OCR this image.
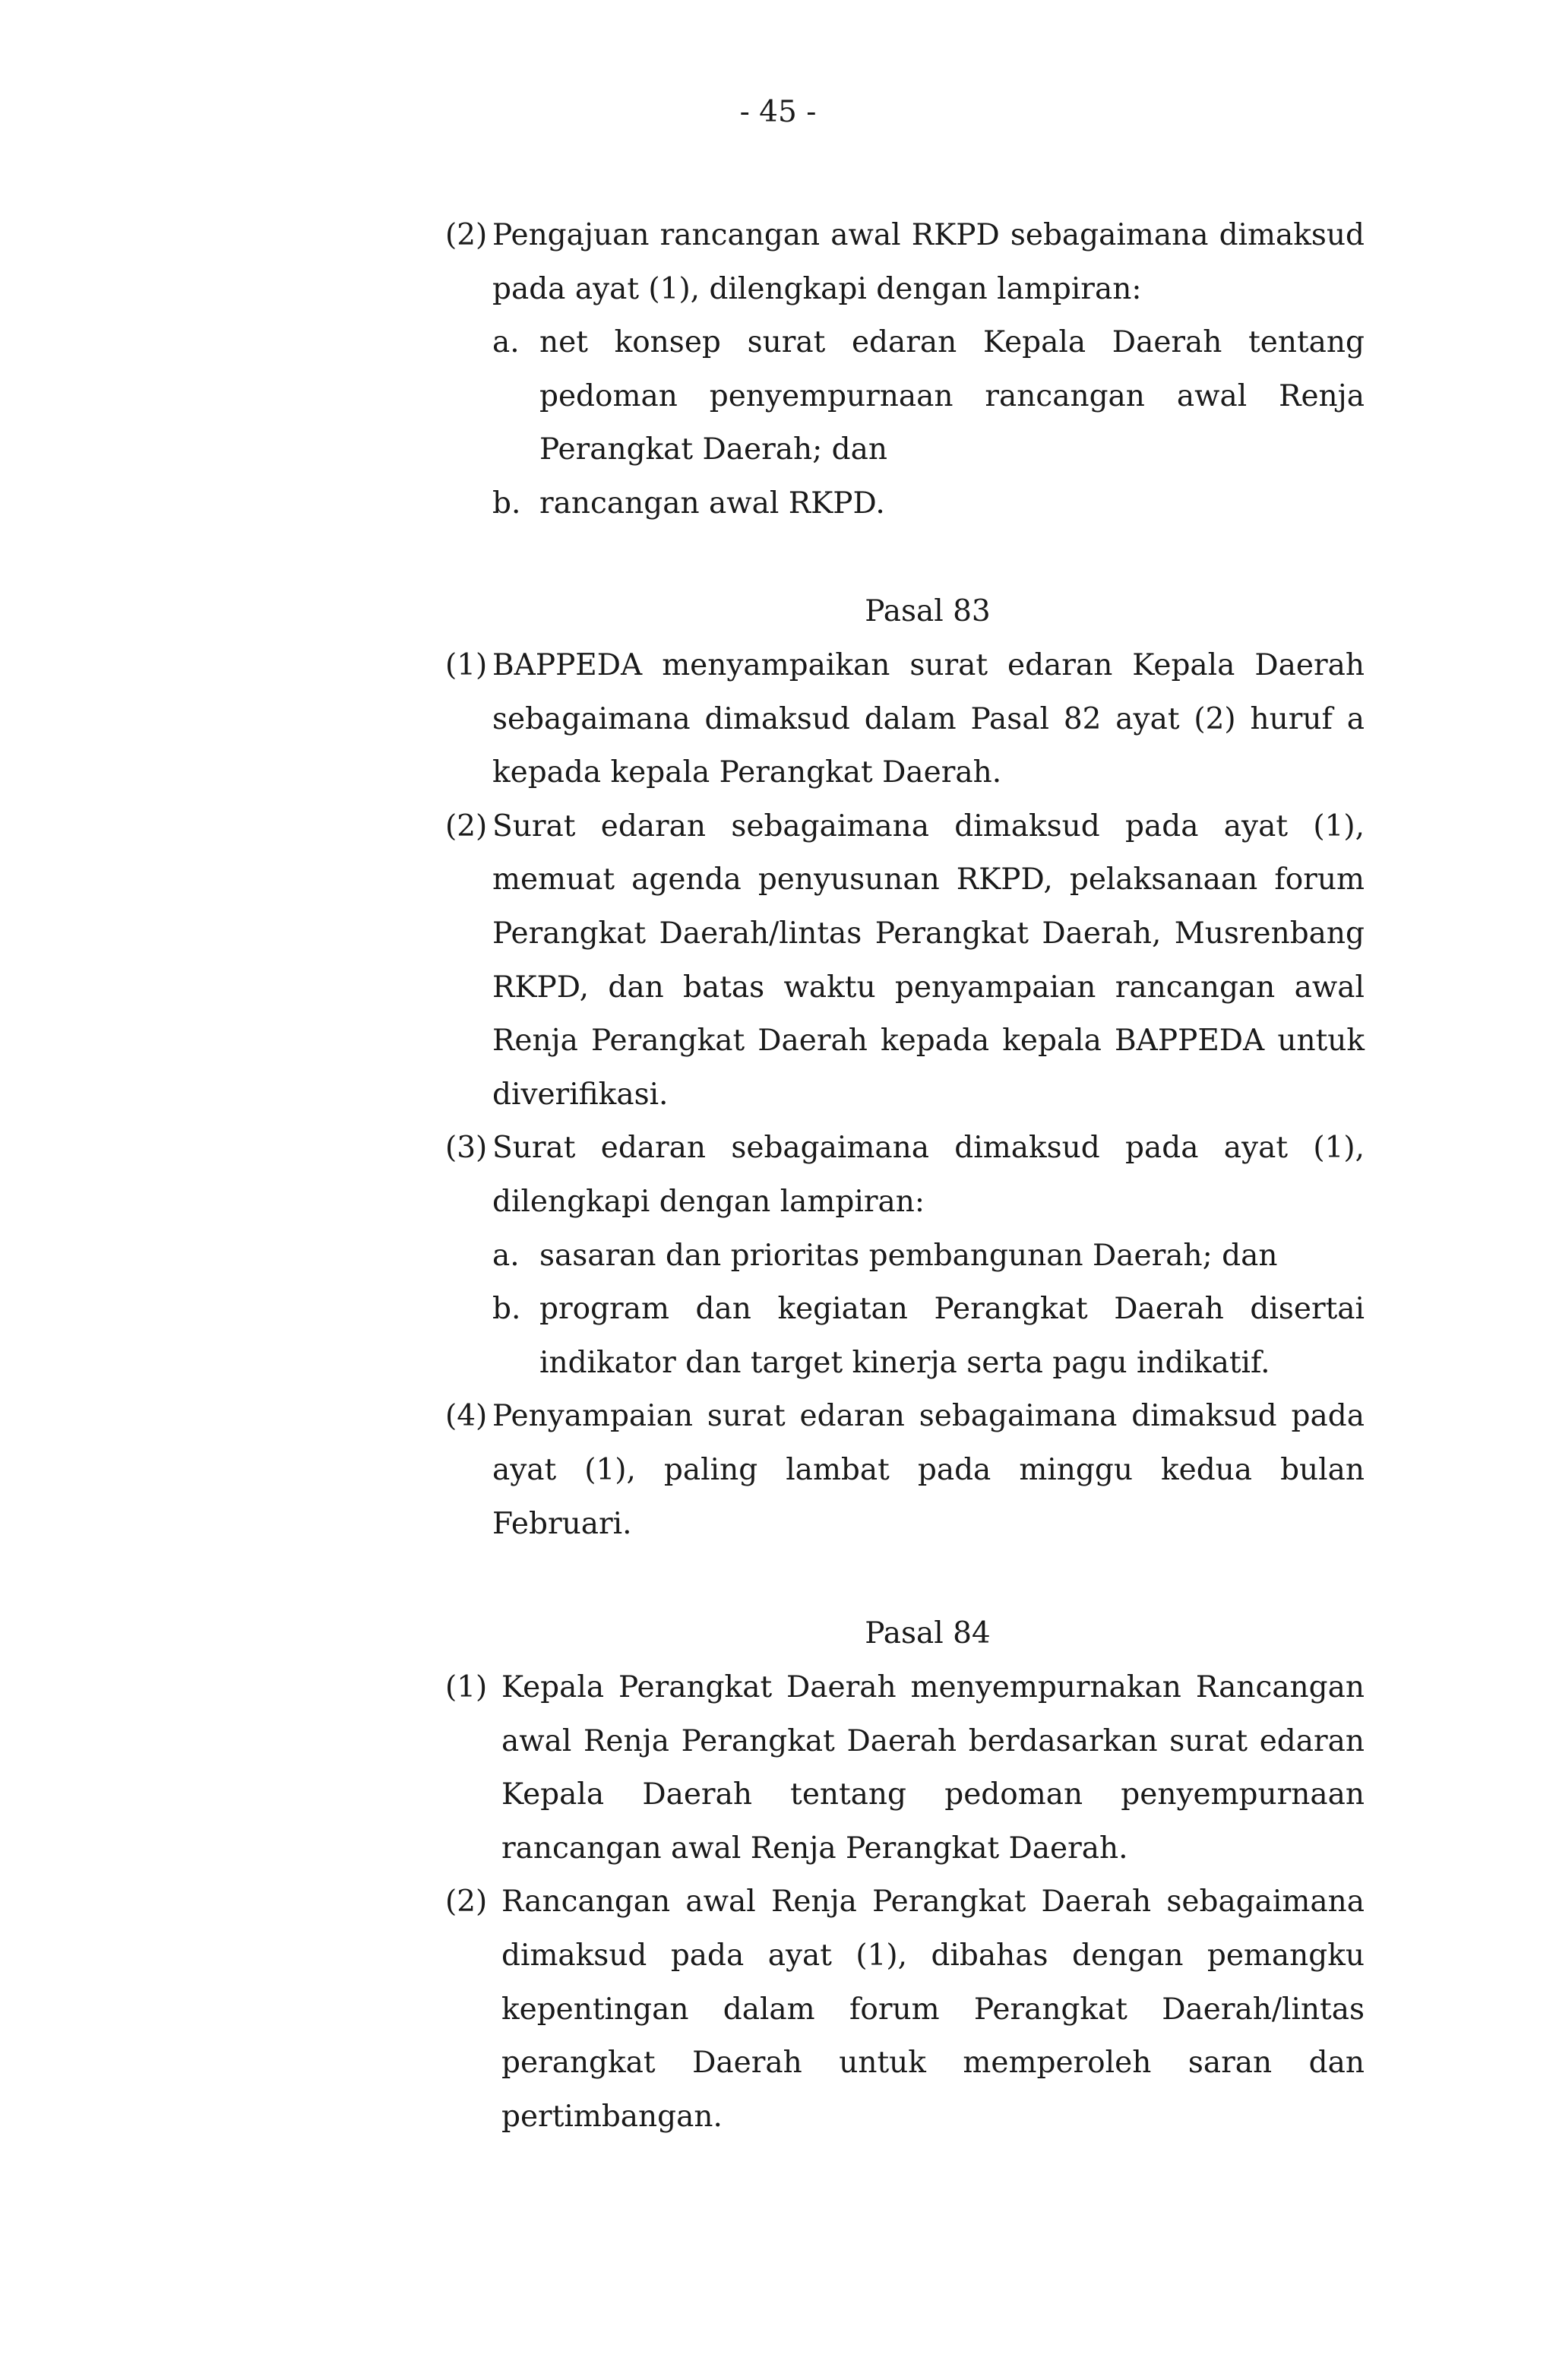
- 45 -
(2) Pengajuan rancangan awal RKPD sebagaimana dimaksud pada ayat (1), dilengkapi dengan lampiran:
a. net konsep surat edaran Kepala Daerah tentang pedoman penyempurnaan rancangan awal Renja Perangkat Daerah; dan
b. rancangan awal RKPD.
Pasal 83
(1) BAPPEDA menyampaikan surat edaran Kepala Daerah sebagaimana dimaksud dalam Pasal 82 ayat (2) huruf a kepada kepala Perangkat Daerah.
(2) Surat edaran sebagaimana dimaksud pada ayat (1), memuat agenda penyusunan RKPD, pelaksanaan forum Perangkat Daerah/lintas Perangkat Daerah, Musrenbang RKPD, dan batas waktu penyampaian rancangan awal Renja Perangkat Daerah kepada kepala BAPPEDA untuk diverifikasi.
(3) Surat edaran sebagaimana dimaksud pada ayat (1), dilengkapi dengan lampiran:
a. sasaran dan prioritas pembangunan Daerah; dan
b. program dan kegiatan Perangkat Daerah disertai indikator dan target kinerja serta pagu indikatif.
(4) Penyampaian surat edaran sebagaimana dimaksud pada ayat (1), paling lambat pada minggu kedua bulan Februari.
Pasal 84
(1) Kepala Perangkat Daerah menyempurnakan Rancangan awal Renja Perangkat Daerah berdasarkan surat edaran Kepala Daerah tentang pedoman penyempurnaan rancangan awal Renja Perangkat Daerah.
(2) Rancangan awal Renja Perangkat Daerah sebagaimana dimaksud pada ayat (1), dibahas dengan pemangku kepentingan dalam forum Perangkat Daerah/lintas perangkat Daerah untuk memperoleh saran dan pertimbangan.
